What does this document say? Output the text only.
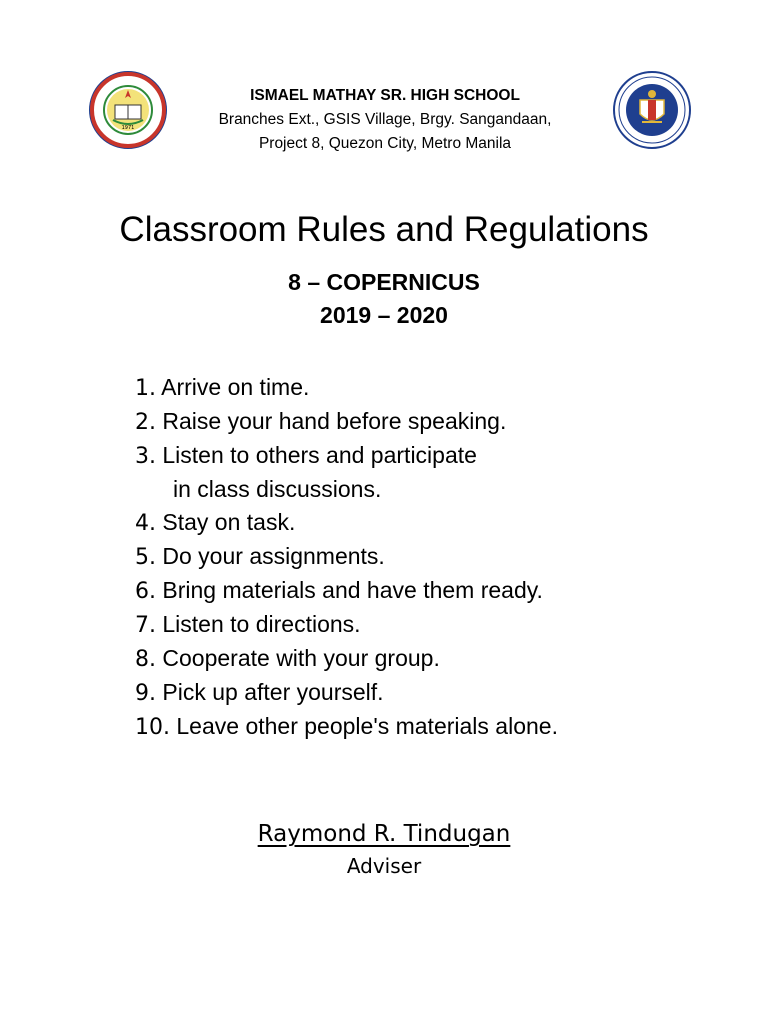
1971
ISMAEL MATHAY SR. HIGH SCHOOL
Branches Ext., GSIS Village, Brgy. Sangandaan,
Project 8, Quezon City, Metro Manila
Classroom Rules and Regulations
8 – COPERNICUS
2019 – 2020
1. Arrive on time.
2. Raise your hand before speaking.
3. Listen to others and participate
in class discussions.
4. Stay on task.
5. Do your assignments.
6. Bring materials and have them ready.
7. Listen to directions.
8. Cooperate with your group.
9. Pick up after yourself.
10. Leave other people's materials alone.
Raymond R. Tindugan
Adviser
